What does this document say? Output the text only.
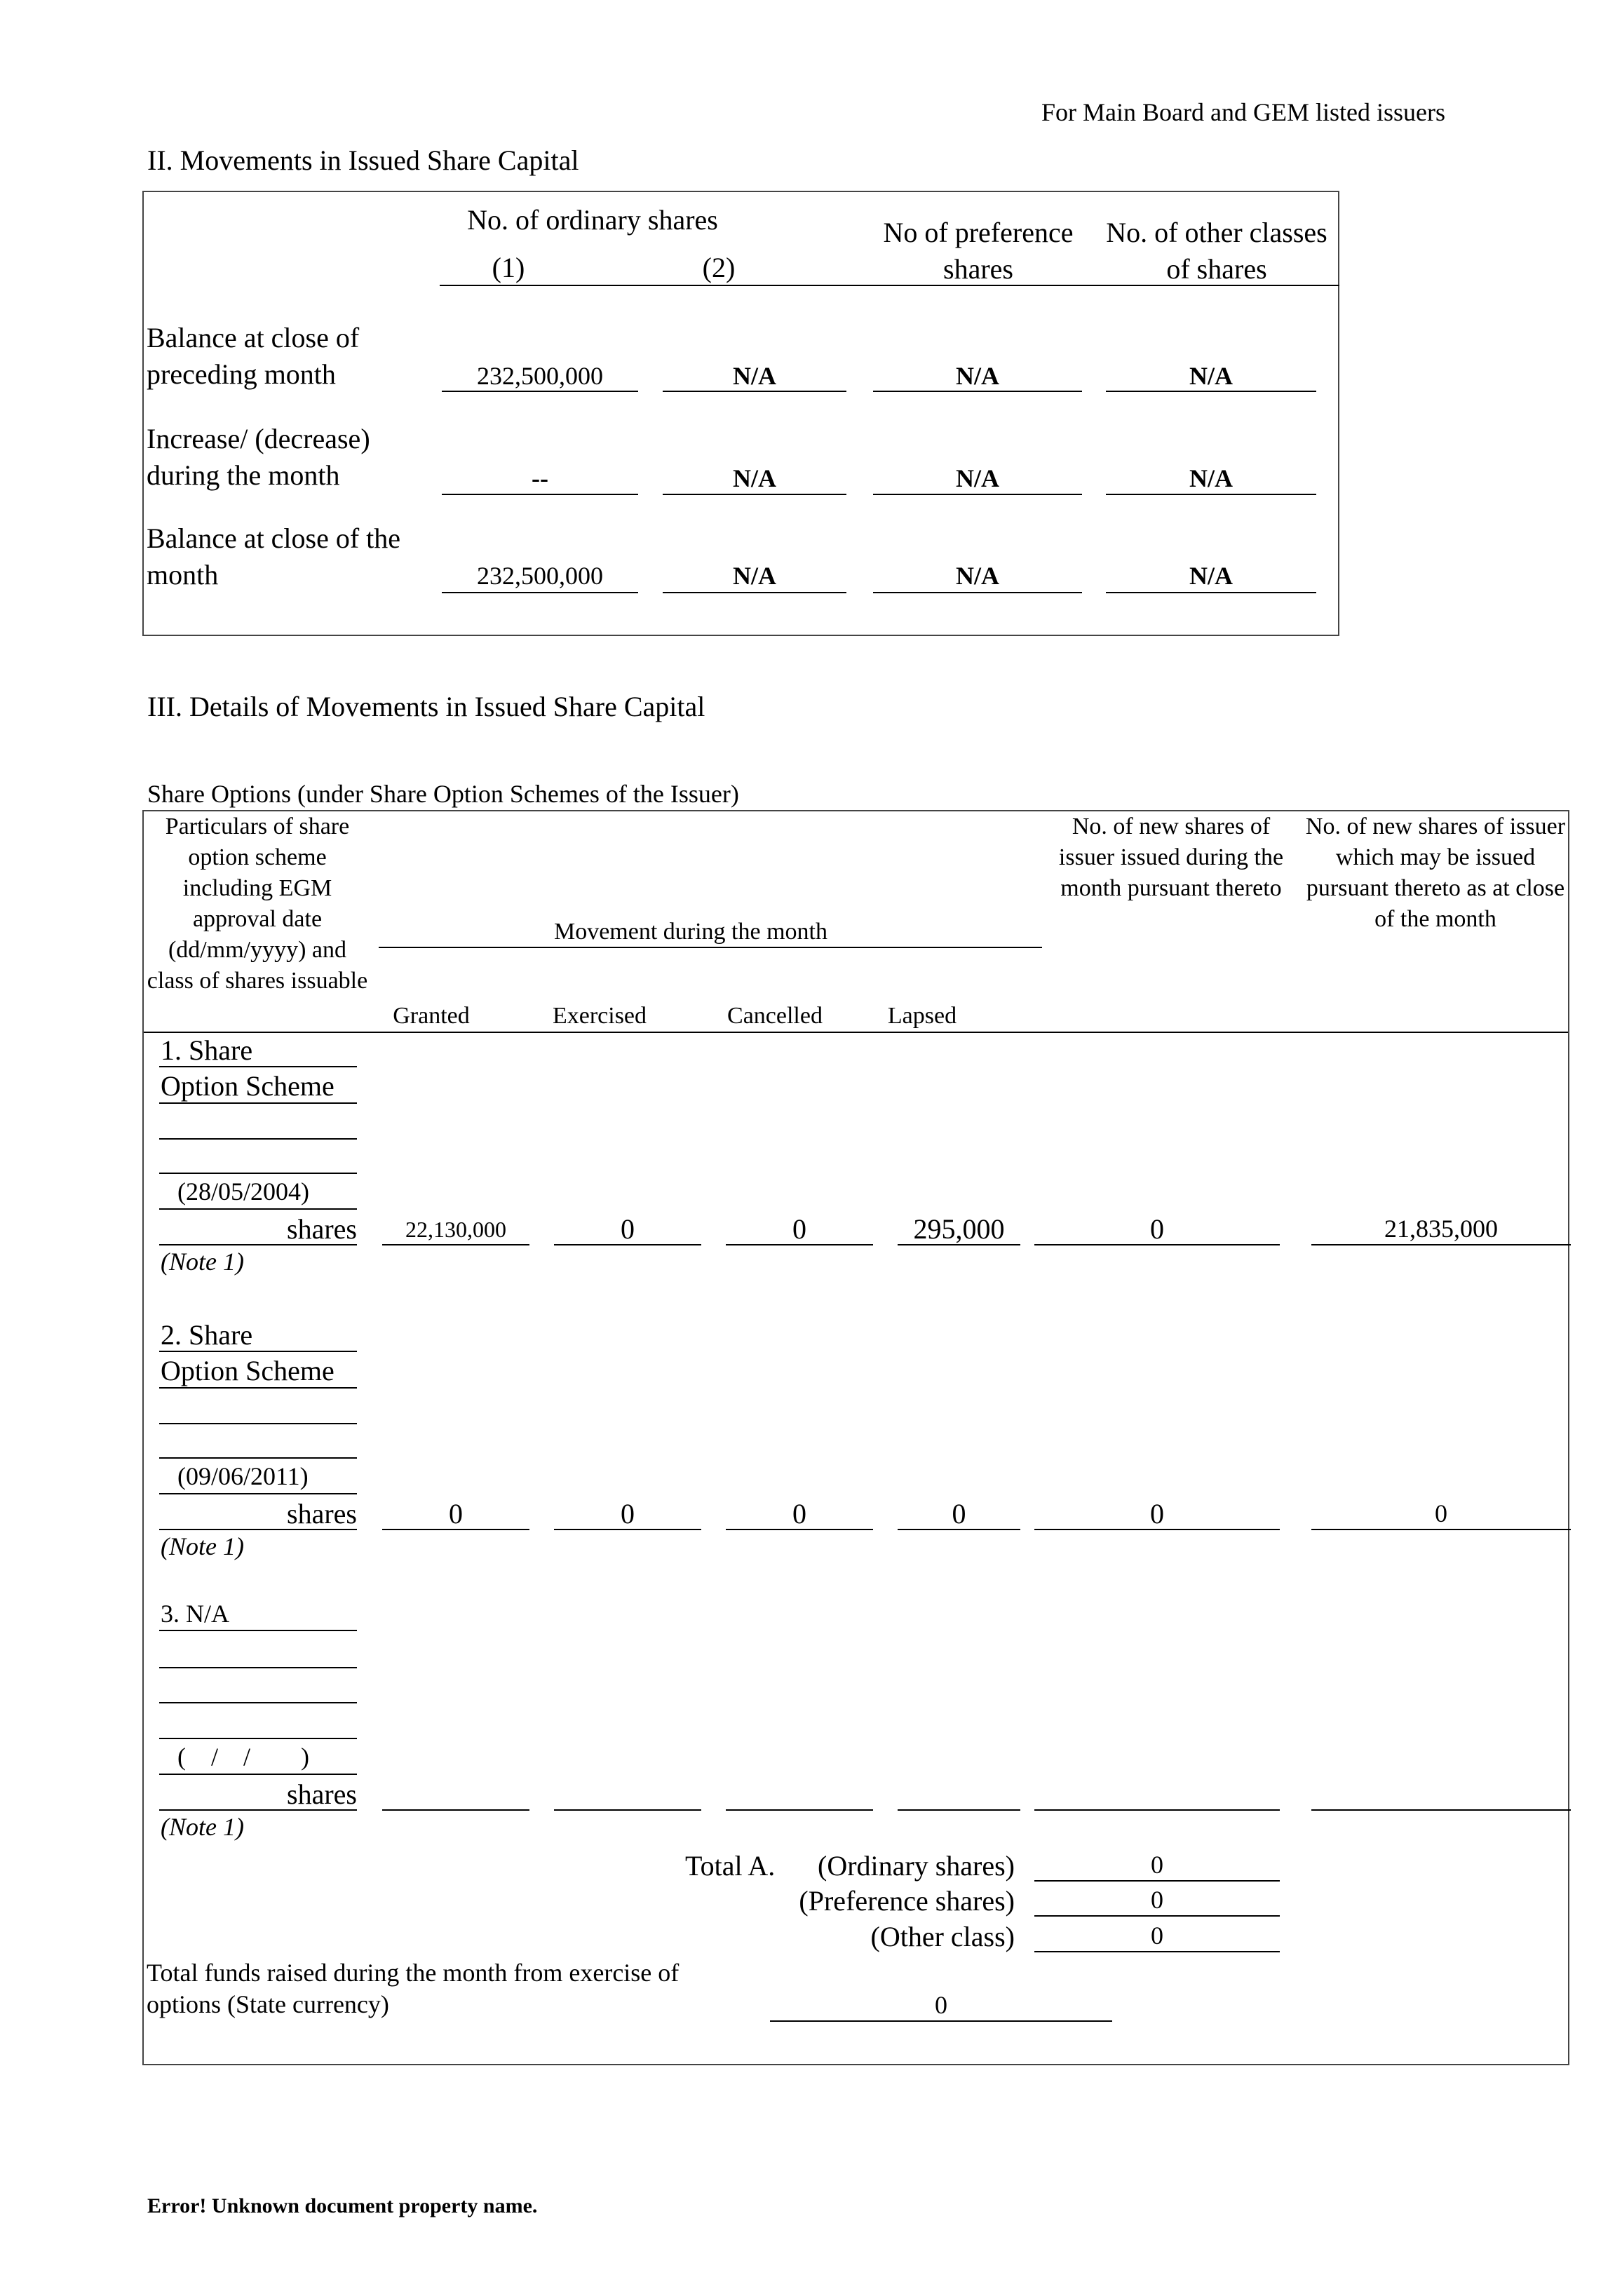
For Main Board and GEM listed issuers
II. Movements in Issued Share Capital
No. of ordinary shares
(1)	(2)
No of preference shares
No. of other classes of shares
Balance at close of preceding month	232,500,000	N/A	N/A	N/A
Increase/ (decrease) during the month	--	N/A	N/A	N/A
Balance at close of the month	232,500,000	N/A	N/A	N/A
III. Details of Movements in Issued Share Capital
Share Options (under Share Option Schemes of the Issuer)
Particulars of share option scheme including EGM approval date (dd/mm/yyyy) and class of shares issuable
Movement during the month
Granted	Exercised	Cancelled	Lapsed
No. of new shares of issuer issued during the month pursuant thereto
No. of new shares of issuer which may be issued pursuant thereto as at close of the month
1. Share
Option Scheme
(28/05/2004)
shares
(Note 1)
22,130,000	0	0	295,000	0	21,835,000
2. Share
Option Scheme
(09/06/2011)
shares
(Note 1)
0	0	0	0	0	0
3. N/A
(    /    /        )
shares
(Note 1)
Total A.	(Ordinary shares)	0
(Preference shares)	0
(Other class)	0
Total funds raised during the month from exercise of options (State currency)	0
Error! Unknown document property name.
